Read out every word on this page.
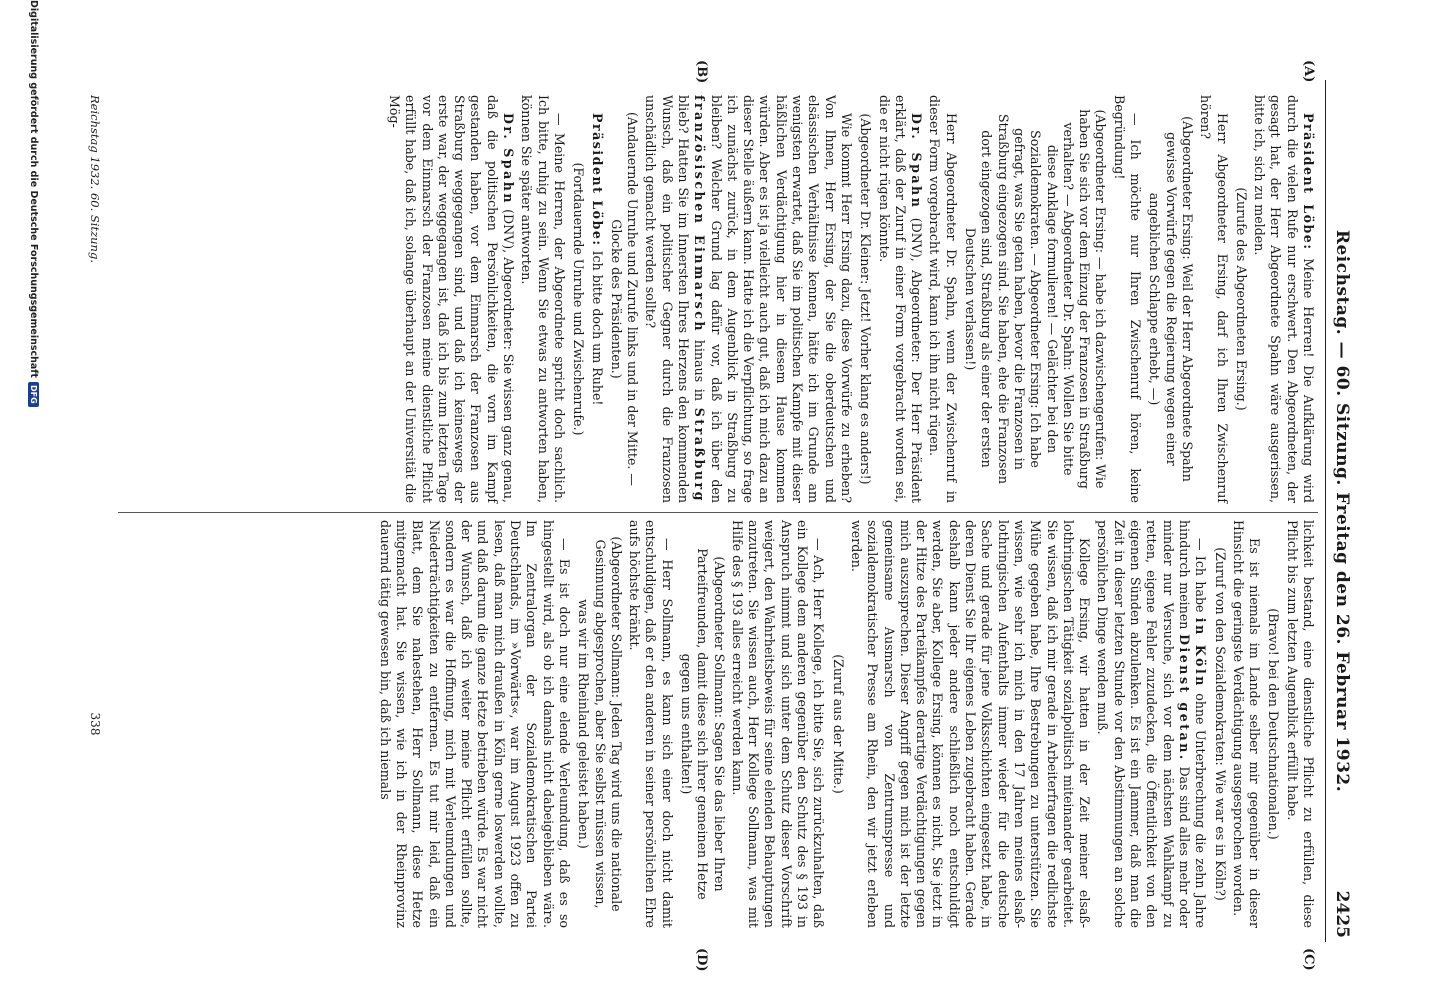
Reichstag. — 60. Sitzung. Freitag den 26. Februar 1932.
2425
(A)
(B)
(C)
(D)

Präsident Löbe: Meine Herren! Die Aufklärung wird durch die vielen Rufe nur erschwert. Den Abgeordneten, der gesagt hat, der Herr Abgeordnete Spahn wäre ausgerissen, bitte ich, sich zu melden.

(Zurufe des Abgeordneten Ersing.)

Herr Abgeordneter Ersing, darf ich Ihren Zwischenruf hören?

(Abgeordneter Ersing: Weil der Herr Abgeordnete Spahn gewisse Vorwürfe gegen die Regierung wegen einer angeblichen Schlappe erhebt, —)

— Ich möchte nur Ihren Zwischenruf hören, keine Begründung!

(Abgeordneter Ersing: — habe ich dazwischengerufen: Wie haben Sie sich vor dem Einzug der Franzosen in Straßburg verhalten? — Abgeordneter Dr. Spahn: Wollen Sie bitte diese Anklage formulieren! — Gelächter bei den Sozialdemokraten. — Abgeordneter Ersing: Ich habe gefragt, was Sie getan haben, bevor die Franzosen in Straßburg eingezogen sind. Sie haben, ehe die Franzosen dort eingezogen sind, Straßburg als einer der ersten Deutschen verlassen!)

Herr Abgeordneter Dr. Spahn, wenn der Zwischenruf in dieser Form vorgebracht wird, kann ich ihn nicht rügen.

Dr. Spahn (DNV), Abgeordneter: Der Herr Präsident erklärt, daß der Zuruf in einer Form vorgebracht worden sei, die er nicht rügen könnte.

(Abgeordneter Dr. Kleiner: Jetzt! Vorher klang es anders!)

Wie kommt Herr Ersing dazu, diese Vorwürfe zu erheben? Von Ihnen, Herr Ersing, der Sie die oberdeutschen und elsässischen Verhältnisse kennen, hätte ich im Grunde am wenigsten erwartet, daß Sie im politischen Kampfe mit dieser häßlichen Verdächtigung hier in diesem Hause kommen würden. Aber es ist ja vielleicht auch gut, daß ich mich dazu an dieser Stelle äußern kann. Hatte ich die Verpflichtung, so frage ich zunächst zurück, in dem Augenblick in Straßburg zu bleiben? Welcher Grund lag dafür vor, daß ich über den französischen Einmarsch hinaus in Straßburg blieb? Hatten Sie im Innersten Ihres Herzens den kommenden Wunsch, daß ein politischer Gegner durch die Franzosen unschädlich gemacht werden sollte?

(Andauernde Unruhe und Zurufe links und in der Mitte. — Glocke des Präsidenten.)

Präsident Löbe: Ich bitte doch um Ruhe!

(Fortdauernde Unruhe und Zwischenrufe.)

— Meine Herren, der Abgeordnete spricht doch sachlich. Ich bitte, ruhig zu sein. Wenn Sie etwas zu antworten haben, können Sie später antworten.

Dr. Spahn (DNV), Abgeordneter: Sie wissen ganz genau, daß die politischen Persönlichkeiten, die vorn im Kampf gestanden haben, vor dem Einmarsch der Franzosen aus Straßburg weggegangen sind, und daß ich keineswegs der erste war, der weggegangen ist, daß ich bis zum letzten Tage vor dem Einmarsch der Franzosen meine dienstliche Pflicht erfüllt habe, daß ich, solange überhaupt an der Universität die Mög-

lichkeit bestand, eine dienstliche Pflicht zu erfüllen, diese Pflicht bis zum letzten Augenblick erfüllt habe.

(Bravo! bei den Deutschnationalen.)

Es ist niemals im Lande selber mir gegenüber in dieser Hinsicht die geringste Verdächtigung ausgesprochen worden.

(Zuruf von den Sozialdemokraten: Wie war es in Köln?)

— Ich habe in Köln ohne Unterbrechung die zehn Jahre hindurch meinen Dienst getan. Das sind alles mehr oder minder nur Versuche, sich vor dem nächsten Wahlkampf zu retten, eigene Fehler zuzudecken, die Öffentlichkeit von den eigenen Sünden abzulenken. Es ist ein Jammer, daß man die Zeit in dieser letzten Stunde vor den Abstimmungen an solche persönlichen Dinge wenden muß.

Kollege Ersing, wir hatten in der Zeit meiner elsaß-lothringischen Tätigkeit sozialpolitisch miteinander gearbeitet. Sie wissen, daß ich mir gerade in Arbeiterfragen die redlichste Mühe gegeben habe, Ihre Bestrebungen zu unterstützen. Sie wissen, wie sehr ich mich in den 17 Jahren meines elsaß-lothringischen Aufenthalts immer wieder für die deutsche Sache und gerade für jene Volksschichten eingesetzt habe, in deren Dienst Sie Ihr eigenes Leben zugebracht haben. Gerade deshalb kann jeder andere schließlich noch entschuldigt werden, Sie aber, Kollege Ersing, können es nicht, Sie jetzt in der Hitze des Parteikampfes derartige Verdächtigungen gegen mich auszusprechen. Dieser Angriff gegen mich ist der letzte gemeinsame Ausmarsch von Zentrumspresse und sozialdemokratischer Presse am Rhein, den wir jetzt erleben werden.

(Zuruf aus der Mitte.)

— Ach, Herr Kollege, ich bitte Sie, sich zurückzuhalten, daß ein Kollege dem anderen gegenüber den Schutz des § 193 in Anspruch nimmt und sich unter dem Schutz dieser Vorschrift weigert, den Wahrheitsbeweis für seine elenden Behauptungen anzutreten. Sie wissen auch, Herr Kollege Sollmann, was mit Hilfe des § 193 alles erreicht werden kann.

(Abgeordneter Sollmann: Sagen Sie das lieber Ihren Parteifreunden, damit diese sich ihrer gemeinen Hetze gegen uns enthalten!)

— Herr Sollmann, es kann sich einer doch nicht damit entschuldigen, daß er den anderen in seiner persönlichen Ehre aufs höchste kränkt.

(Abgeordneter Sollmann: Jeden Tag wird uns die nationale Gesinnung abgesprochen, aber Sie selbst müssen wissen, was wir im Rheinland geleistet haben.)

— Es ist doch nur eine elende Verleumdung, daß es so hingestellt wird, als ob ich damals nicht dabeigeblieben wäre. Im Zentralorgan der Sozialdemokratischen Partei Deutschlands, im »Vorwärts«, war im August 1923 offen zu lesen, daß man mich draußen in Köln gerne loswerden wollte, und daß darum die ganze Hetze betrieben würde. Es war nicht der Wunsch, daß ich weiter meine Pflicht erfüllen sollte, sondern es war die Hoffnung, mich mit Verleumdungen und Niederträchtigkeiten zu entfernen. Es tut mir leid, daß ein Blatt, dem Sie nahestehen, Herr Sollmann, diese Hetze mitgemacht hat. Sie wissen, wie ich in der Rheinprovinz dauernd tätig gewesen bin, daß ich niemals

Reichstag 1932. 60. Sitzung.
338
Digitalisierung gefördert durch die Deutsche Forschungsgemeinschaft
DFG
